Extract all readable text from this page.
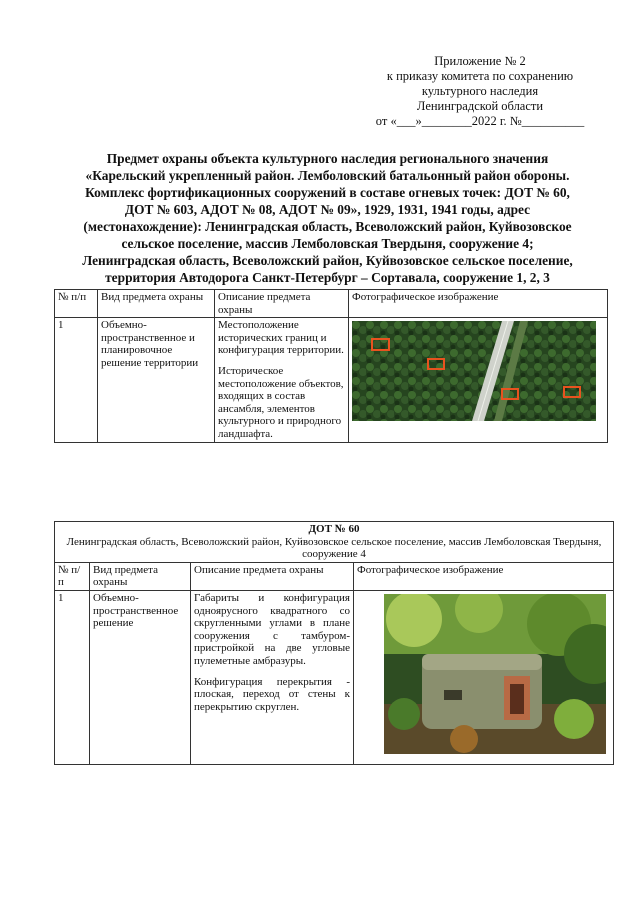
Приложение № 2
к приказу комитета по сохранению
культурного наследия
Ленинградской области
от «___»________2022 г. №__________
Предмет охраны объекта культурного наследия регионального значения
«Карельский укрепленный район. Лемболовский батальонный район обороны.
Комплекс фортификационных сооружений в составе огневых точек: ДОТ № 60,
ДОТ № 603, АДОТ № 08, АДОТ № 09», 1929, 1931, 1941 годы, адрес
(местонахождение): Ленинградская область, Всеволожский район, Куйвозовское
сельское поселение, массив Лемболовская Твердыня, сооружение 4;
Ленинградская область, Всеволожский район, Куйвозовское сельское поселение,
территория Автодорога Санкт-Петербург – Сортавала, сооружение 1, 2, 3
№ п/п	Вид предмета охраны	Описание предмета охраны	Фотографическое изображение
1	Объемно-пространственное и планировочное решение территории	Местоположение исторических границ и конфигурация территории.
Историческое местоположение объектов, входящих в состав ансамбля, элементов культурного и природного ландшафта.

ДОТ № 60
Ленинградская область, Всеволожский район, Куйвозовское сельское поселение, массив Лемболовская Твердыня, сооружение 4			

№ п/п	Вид предмета охраны	Описание предмета охраны	Фотографическое изображение
1	Объемно-пространственное решение	Габариты и конфигурация одноярусного квадратного со скругленными углами в плане сооружения с тамбуром-пристройкой на две угловые пулеметные амбразуры.
Конфигурация перекрытия - плоская, переход от стены к перекрытию скруглен.
